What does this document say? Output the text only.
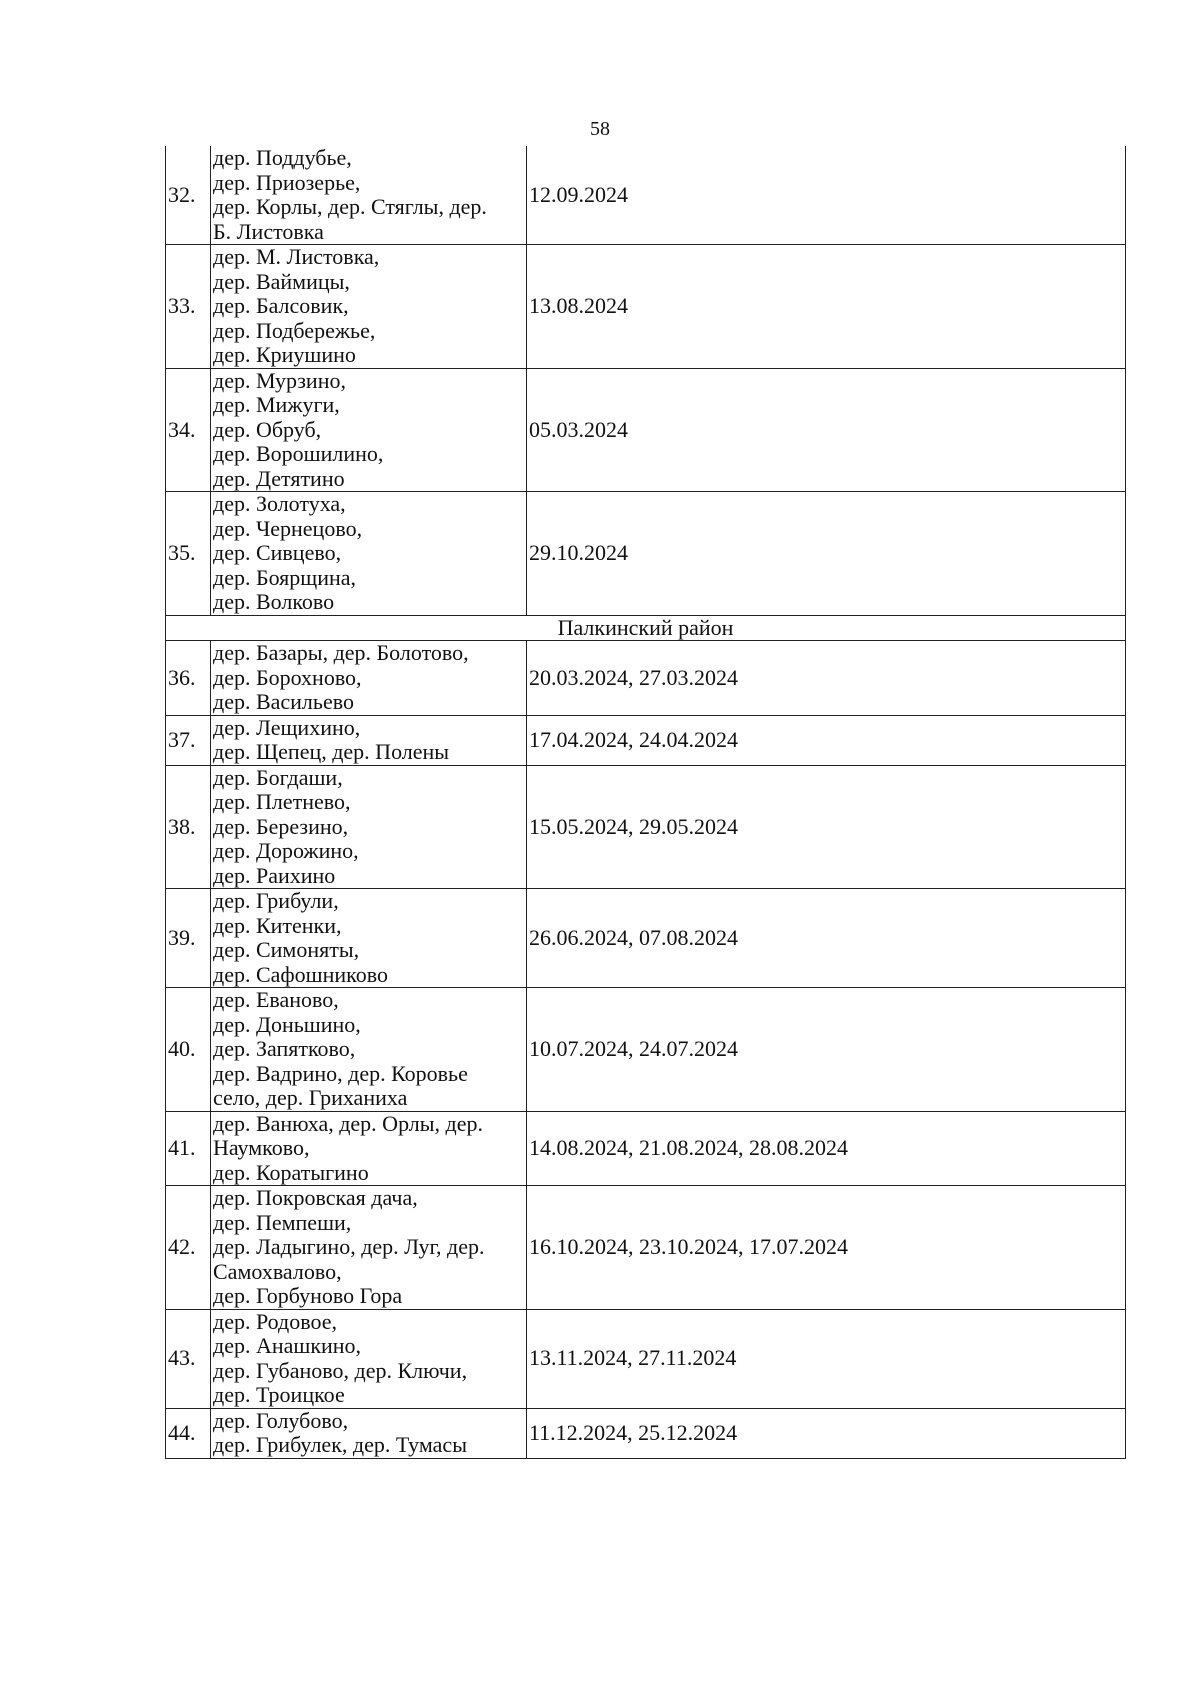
58
32.	дер. Поддубье,
дер. Приозерье,
дер. Корлы, дер. Стяглы, дер.
Б. Листовка	12.09.2024
33.	дер. М. Листовка,
дер. Ваймицы,
дер. Балсовик,
дер. Подбережье,
дер. Криушино	13.08.2024
34.	дер. Мурзино,
дер. Мижуги,
дер. Обруб,
дер. Ворошилино,
дер. Детятино	05.03.2024
35.	дер. Золотуха,
дер. Чернецово,
дер. Сивцево,
дер. Боярщина,
дер. Волково	29.10.2024
Палкинский район		
36.	дер. Базары, дер. Болотово,
дер. Борохново,
дер. Васильево	20.03.2024, 27.03.2024
37.	дер. Лещихино,
дер. Щепец, дер. Полены	17.04.2024, 24.04.2024
38.	дер. Богдаши,
дер. Плетнево,
дер. Березино,
дер. Дорожино,
дер. Раихино	15.05.2024, 29.05.2024
39.	дер. Грибули,
дер. Китенки,
дер. Симоняты,
дер. Сафошниково	26.06.2024, 07.08.2024
40.	дер. Еваново,
дер. Доньшино,
дер. Запятково,
дер. Вадрино, дер. Коровье
село, дер. Гриханиха	10.07.2024, 24.07.2024
41.	дер. Ванюха, дер. Орлы, дер.
Наумково,
дер. Коратыгино	14.08.2024, 21.08.2024, 28.08.2024
42.	дер. Покровская дача,
дер. Пемпеши,
дер. Ладыгино, дер. Луг, дер.
Самохвалово,
дер. Горбуново Гора	16.10.2024, 23.10.2024, 17.07.2024
43.	дер. Родовое,
дер. Анашкино,
дер. Губаново, дер. Ключи,
дер. Троицкое	13.11.2024, 27.11.2024
44.	дер. Голубово,
дер. Грибулек, дер. Тумасы	11.12.2024, 25.12.2024
